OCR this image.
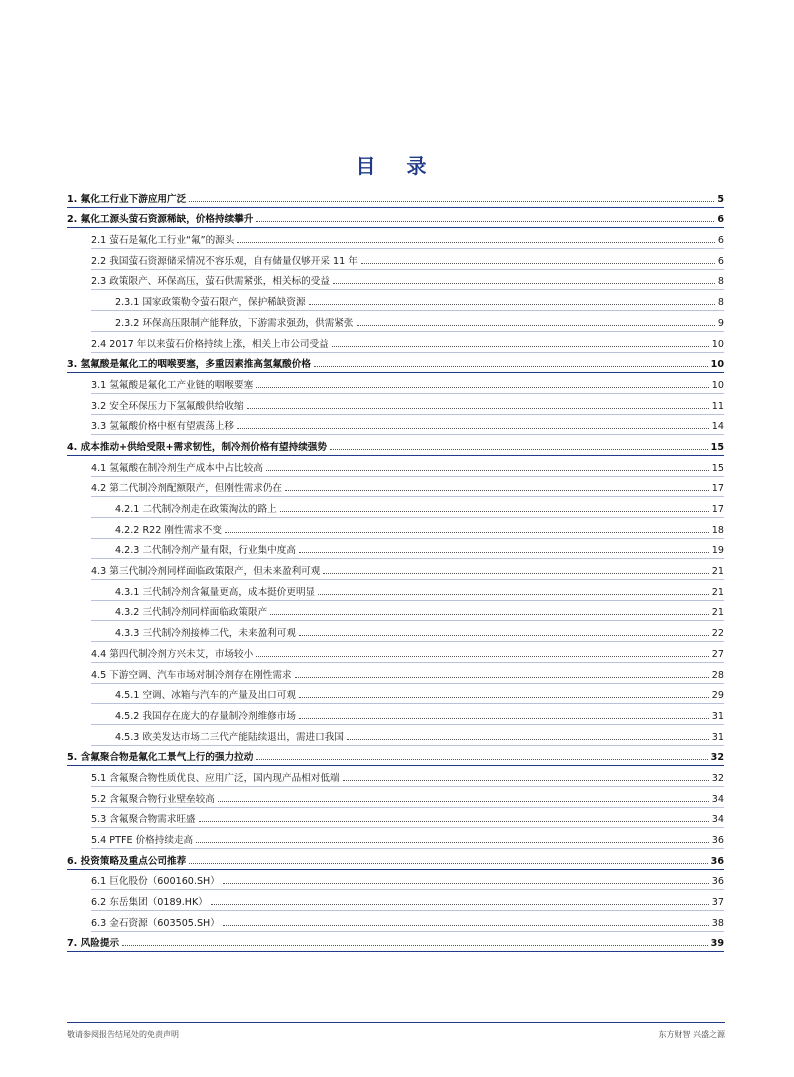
目 录
1. 氟化工行业下游应用广泛	5
2. 氟化工源头萤石资源稀缺，价格持续攀升	6
2.1 萤石是氟化工行业“氟”的源头	6
2.2 我国萤石资源储采情况不容乐观，自有储量仅够开采 11 年	6
2.3 政策限产、环保高压，萤石供需紧张，相关标的受益	8
2.3.1 国家政策勒令萤石限产，保护稀缺资源	8
2.3.2 环保高压限制产能释放，下游需求强劲，供需紧张	9
2.4 2017 年以来萤石价格持续上涨，相关上市公司受益	10
3. 氢氟酸是氟化工的咽喉要塞，多重因素推高氢氟酸价格	10
3.1 氢氟酸是氟化工产业链的咽喉要塞	10
3.2 安全环保压力下氢氟酸供给收缩	11
3.3 氢氟酸价格中枢有望震荡上移	14
4. 成本推动+供给受限+需求韧性，制冷剂价格有望持续强势	15
4.1 氢氟酸在制冷剂生产成本中占比较高	15
4.2 第二代制冷剂配额限产，但刚性需求仍在	17
4.2.1 二代制冷剂走在政策淘汰的路上	17
4.2.2 R22 刚性需求不变	18
4.2.3 二代制冷剂产量有限，行业集中度高	19
4.3 第三代制冷剂同样面临政策限产，但未来盈利可观	21
4.3.1 三代制冷剂含氟量更高，成本挺价更明显	21
4.3.2 三代制冷剂同样面临政策限产	21
4.3.3 三代制冷剂接棒二代，未来盈利可观	22
4.4 第四代制冷剂方兴未艾，市场较小	27
4.5 下游空调、汽车市场对制冷剂存在刚性需求	28
4.5.1 空调、冰箱与汽车的产量及出口可观	29
4.5.2 我国存在庞大的存量制冷剂维修市场	31
4.5.3 欧美发达市场二三代产能陆续退出，需进口我国	31
5. 含氟聚合物是氟化工景气上行的强力拉动	32
5.1 含氟聚合物性质优良、应用广泛，国内现产品相对低端	32
5.2 含氟聚合物行业壁垒较高	34
5.3 含氟聚合物需求旺盛	34
5.4 PTFE 价格持续走高	36
6. 投资策略及重点公司推荐	36
6.1 巨化股份（600160.SH）	36
6.2 东岳集团（0189.HK）	37
6.3 金石资源（603505.SH）	38
7. 风险提示	39
敬请参阅报告结尾处的免责声明	东方财智 兴盛之源
